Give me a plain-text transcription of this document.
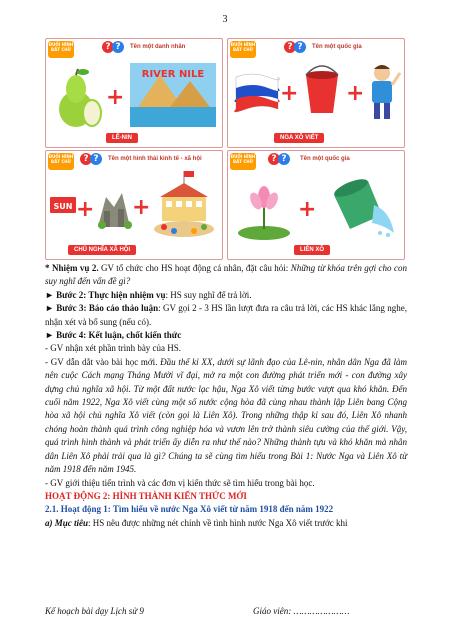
3
ĐUỔI HÌNH BẮT CHỮ	? ?	Tên một danh nhân
+
RIVER NILE
LÊ-NIN
ĐUỔI HÌNH BẮT CHỮ	? ?	Tên một quốc gia
+ +
NGA XÔ VIẾT
ĐUỔI HÌNH BẮT CHỮ	? ?	Tên một hình thái kinh tế - xã hội
SUN + +
CHỦ NGHĨA XÃ HỘI
ĐUỔI HÌNH BẮT CHỮ	? ?	Tên một quốc gia
+
LIÊN XÔ

* Nhiệm vụ 2. GV tổ chức cho HS hoạt động cá nhân, đặt câu hỏi: Những từ khóa trên gợi cho con suy nghĩ đến vấn đề gì?

► Bước 2: Thực hiện nhiệm vụ: HS suy nghĩ để trả lời.

► Bước 3: Báo cáo thảo luận: GV gọi 2 - 3 HS lần lượt đưa ra câu trả lời, các HS khác lắng nghe, nhận xét và bổ sung (nếu có).

► Bước 4: Kết luận, chốt kiến thức

- GV nhận xét phần trình bày của HS.

- GV dẫn dắt vào bài học mới. Đầu thế kỉ XX, dưới sự lãnh đạo của Lê-nin, nhân dân Nga đã làm nên cuộc Cách mạng Tháng Mười vĩ đại, mở ra một con đường phát triển mới - con đường xây dựng chủ nghĩa xã hội. Từ một đất nước lạc hậu, Nga Xô viết từng bước vượt qua khó khăn. Đến cuối năm 1922, Nga Xô viết cùng một số nước cộng hòa đã cùng nhau thành lập Liên bang Cộng hòa xã hội chủ nghĩa Xô viết (còn gọi là Liên Xô). Trong những thập kỉ sau đó, Liên Xô nhanh chóng hoàn thành quá trình công nghiệp hóa và vươn lên trở thành siêu cường của thế giới. Vậy, quá trình hình thành và phát triển ấy diễn ra như thế nào? Những thành tựu và khó khăn mà nhân dân Liên Xô phải trải qua là gì? Chúng ta sẽ cùng tìm hiểu trong Bài 1: Nước Nga và Liên Xô từ năm 1918 đến năm 1945.

- GV giới thiệu tiến trình và các đơn vị kiến thức sẽ tìm hiểu trong bài học.

HOẠT ĐỘNG 2: HÌNH THÀNH KIẾN THỨC MỚI

2.1. Hoạt động 1: Tìm hiểu về nước Nga Xô viết từ năm 1918 đến năm 1922

a) Mục tiêu: HS nêu được những nét chính về tình hình nước Nga Xô viết trước khi

Kế hoạch bài dạy Lịch sử 9	Giáo viên: …………………
